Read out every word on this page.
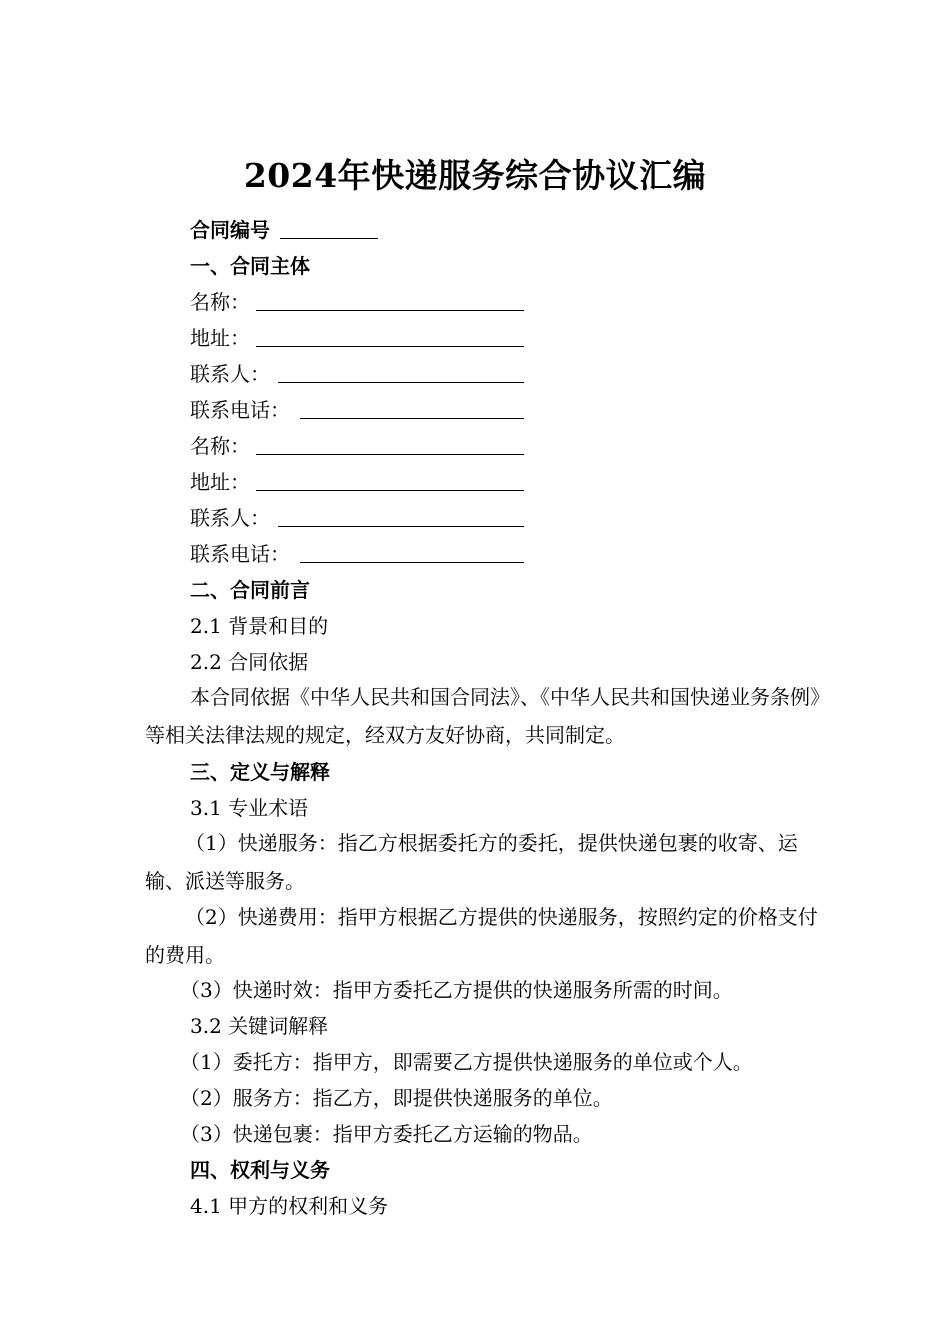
2024年快递服务综合协议汇编
合同编号
一、合同主体
名称：
地址：
联系人：
联系电话：
名称：
地址：
联系人：
联系电话：
二、合同前言
2.1 背景和目的
2.2 合同依据
本合同依据《中华人民共和国合同法》、《中华人民共和国快递业务条例》等相关法律法规的规定，经双方友好协商，共同制定。
三、定义与解释
3.1 专业术语
（1）快递服务：指乙方根据委托方的委托，提供快递包裹的收寄、运输、派送等服务。
（2）快递费用：指甲方根据乙方提供的快递服务，按照约定的价格支付的费用。
（3）快递时效：指甲方委托乙方提供的快递服务所需的时间。
3.2 关键词解释
（1）委托方：指甲方，即需要乙方提供快递服务的单位或个人。
（2）服务方：指乙方，即提供快递服务的单位。
（3）快递包裹：指甲方委托乙方运输的物品。
四、权利与义务
4.1 甲方的权利和义务
